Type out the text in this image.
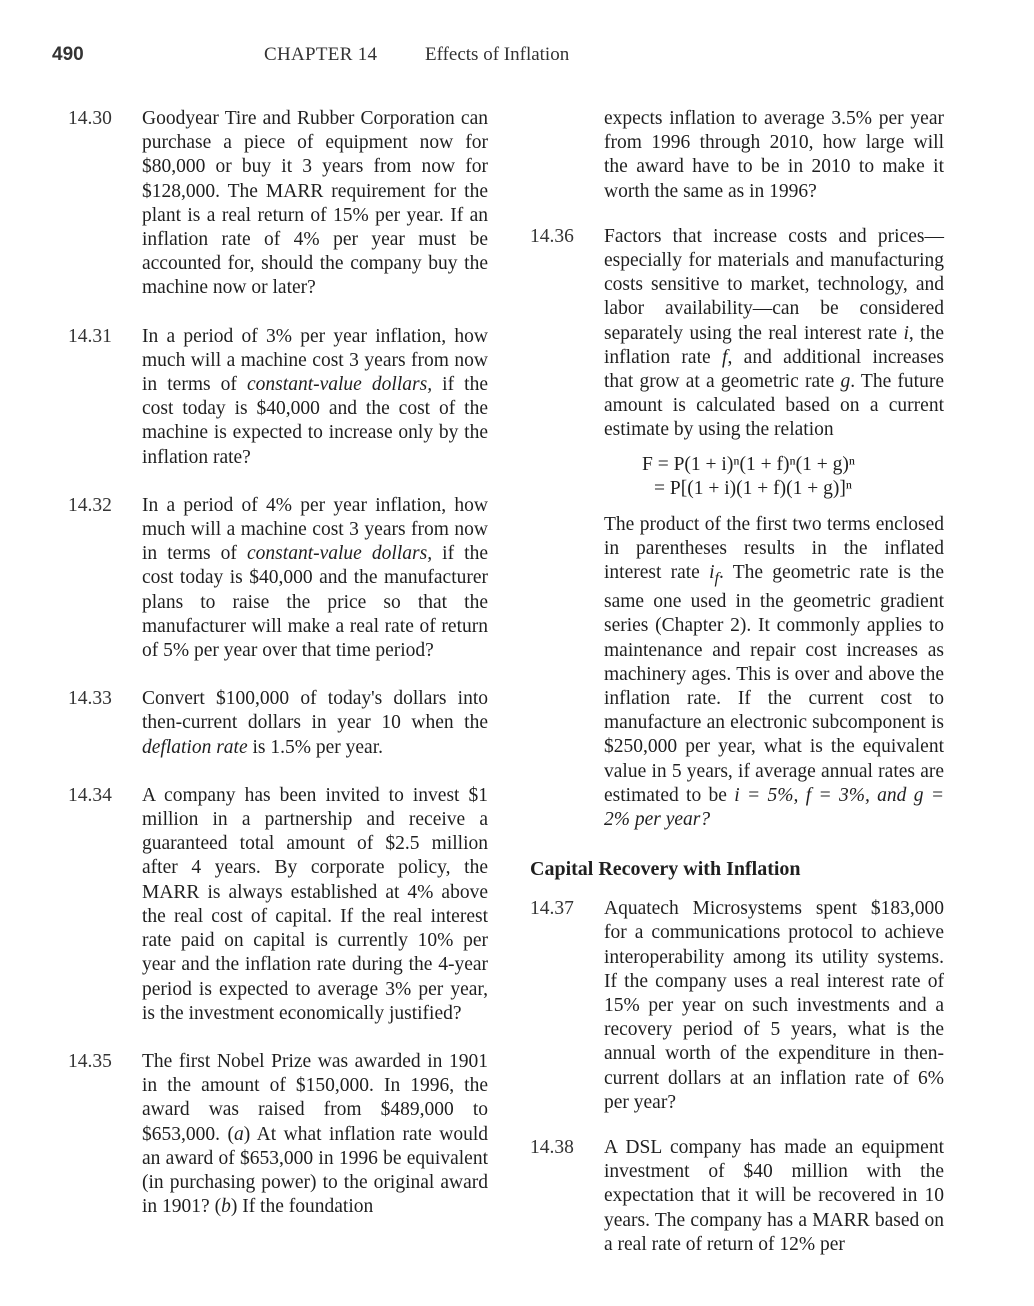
490	CHAPTER 14	Effects of Inflation
14.30	Goodyear Tire and Rubber Corporation can purchase a piece of equipment now for $80,000 or buy it 3 years from now for $128,000. The MARR requirement for the plant is a real return of 15% per year. If an inflation rate of 4% per year must be accounted for, should the company buy the machine now or later?
14.31	In a period of 3% per year inflation, how much will a machine cost 3 years from now in terms of constant-value dollars, if the cost today is $40,000 and the cost of the machine is expected to increase only by the inflation rate?
14.32	In a period of 4% per year inflation, how much will a machine cost 3 years from now in terms of constant-value dollars, if the cost today is $40,000 and the manufacturer plans to raise the price so that the manufacturer will make a real rate of return of 5% per year over that time period?
14.33	Convert $100,000 of today's dollars into then-current dollars in year 10 when the deflation rate is 1.5% per year.
14.34	A company has been invited to invest $1 million in a partnership and receive a guaranteed total amount of $2.5 million after 4 years. By corporate policy, the MARR is always established at 4% above the real cost of capital. If the real interest rate paid on capital is currently 10% per year and the inflation rate during the 4-year period is expected to average 3% per year, is the investment economically justified?
14.35	The first Nobel Prize was awarded in 1901 in the amount of $150,000. In 1996, the award was raised from $489,000 to $653,000. (a) At what inflation rate would an award of $653,000 in 1996 be equivalent (in purchasing power) to the original award in 1901? (b) If the foundation
expects inflation to average 3.5% per year from 1996 through 2010, how large will the award have to be in 2010 to make it worth the same as in 1996?
14.36	Factors that increase costs and prices—especially for materials and manufacturing costs sensitive to market, technology, and labor availability—can be considered separately using the real interest rate i, the inflation rate f, and additional increases that grow at a geometric rate g. The future amount is calculated based on a current estimate by using the relation
F = P(1 + i)ⁿ(1 + f)ⁿ(1 + g)ⁿ
= P[(1 + i)(1 + f)(1 + g)]ⁿ
The product of the first two terms enclosed in parentheses results in the inflated interest rate $i_f$. The geometric rate is the same one used in the geometric gradient series (Chapter 2). It commonly applies to maintenance and repair cost increases as machinery ages. This is over and above the inflation rate. If the current cost to manufacture an electronic subcomponent is $250,000 per year, what is the equivalent value in 5 years, if average annual rates are estimated to be i = 5%, f = 3%, and g = 2% per year?
Capital Recovery with Inflation
14.37	Aquatech Microsystems spent $183,000 for a communications protocol to achieve interoperability among its utility systems. If the company uses a real interest rate of 15% per year on such investments and a recovery period of 5 years, what is the annual worth of the expenditure in then-current dollars at an inflation rate of 6% per year?
14.38	A DSL company has made an equipment investment of $40 million with the expectation that it will be recovered in 10 years. The company has a MARR based on a real rate of return of 12% per
